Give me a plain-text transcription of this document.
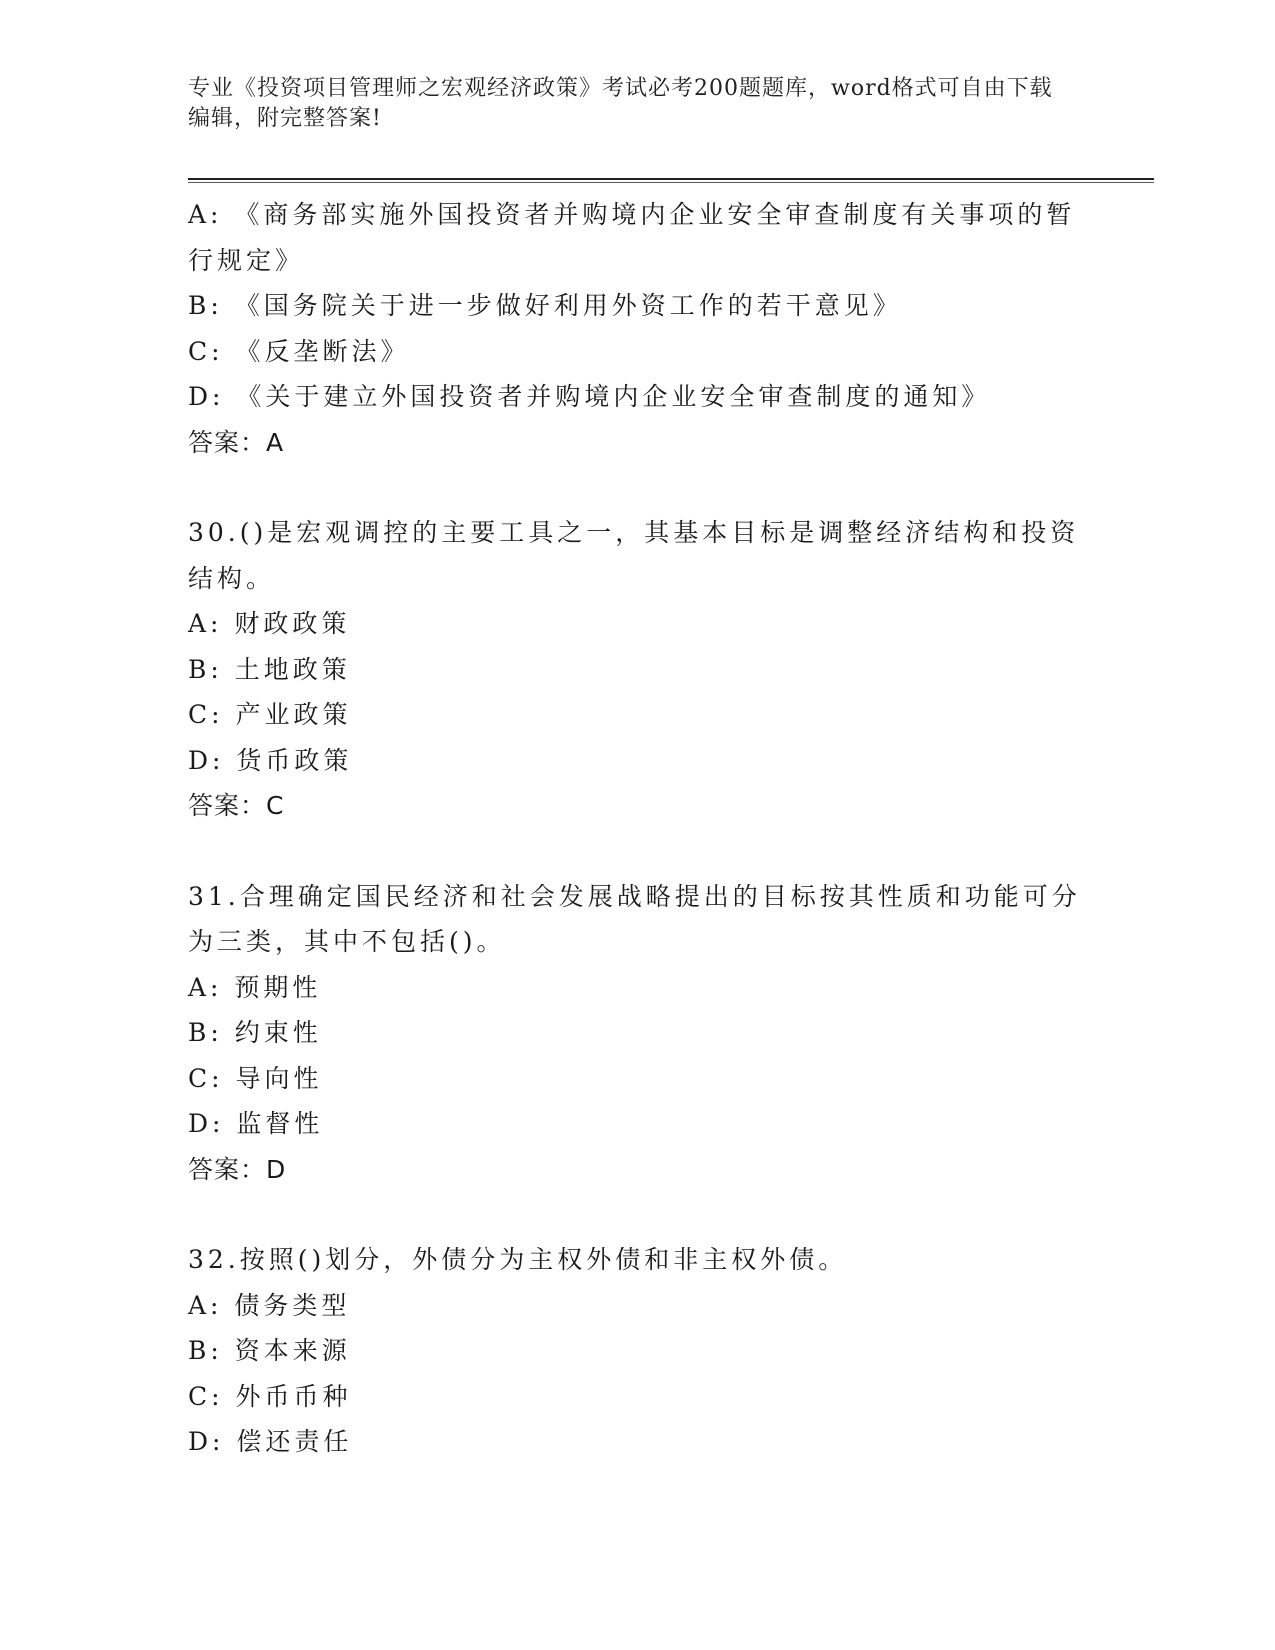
专业《投资项目管理师之宏观经济政策》考试必考200题题库，word格式可自由下载编辑，附完整答案!

A: 《商务部实施外国投资者并购境内企业安全审查制度有关事项的暂行规定》

B: 《国务院关于进一步做好利用外资工作的若干意见》

C: 《反垄断法》

D: 《关于建立外国投资者并购境内企业安全审查制度的通知》

答案：A

30.()是宏观调控的主要工具之一，其基本目标是调整经济结构和投资结构。

A: 财政政策

B: 土地政策

C: 产业政策

D: 货币政策

答案：C

31.合理确定国民经济和社会发展战略提出的目标按其性质和功能可分为三类，其中不包括()。

A: 预期性

B: 约束性

C: 导向性

D: 监督性

答案：D

32.按照()划分，外债分为主权外债和非主权外债。

A: 债务类型

B: 资本来源

C: 外币币种

D: 偿还责任
